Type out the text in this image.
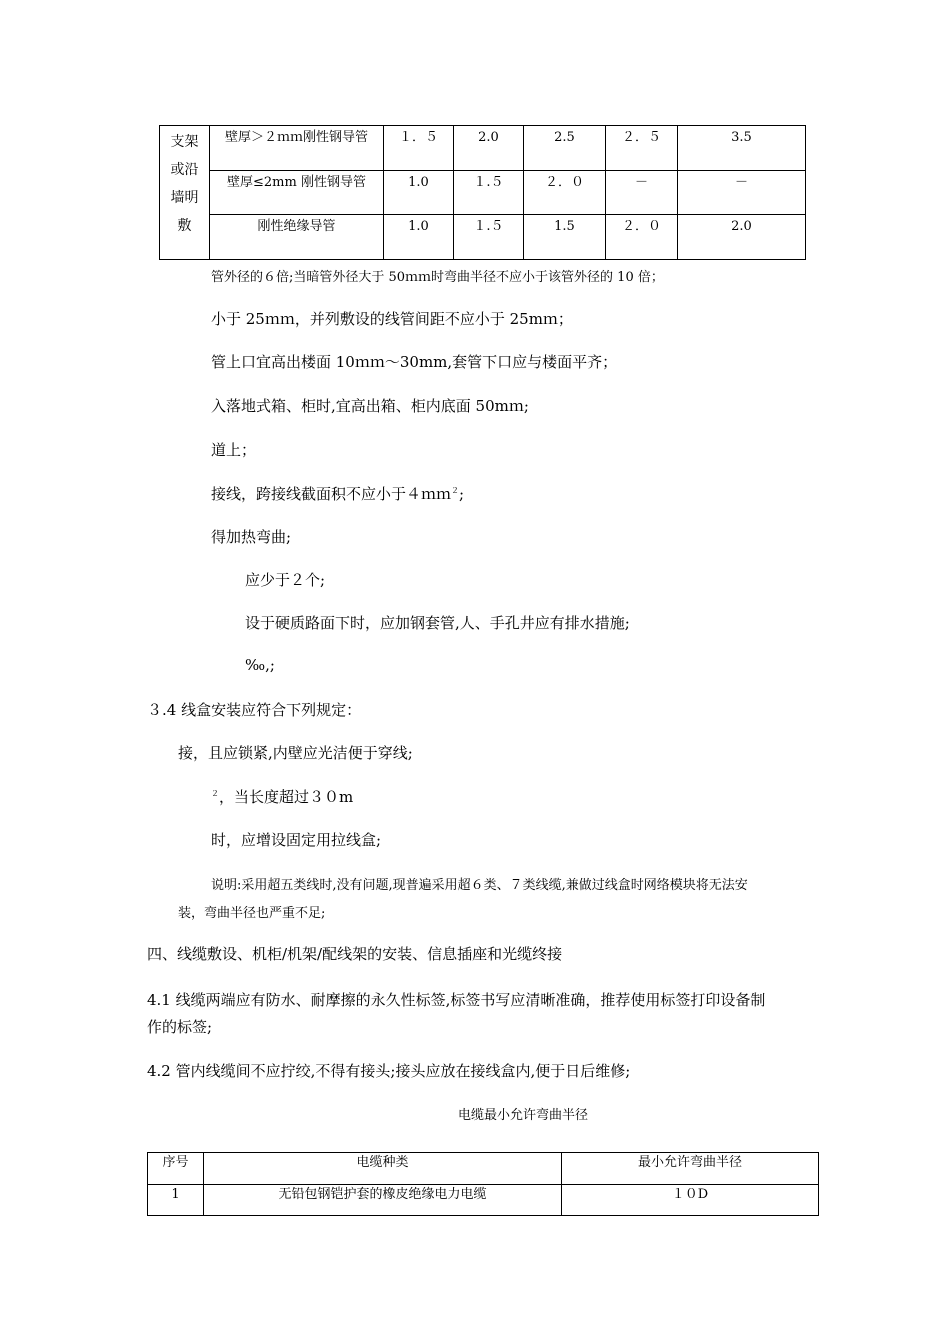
支架
或沿
墙明
敷	壁厚＞２ｍｍ刚性钢导管	１．５	2.0	2.5	２．５	3.5
	壁厚≤2mm 刚性钢导管	1.0	１.５	２．０	－	－
	刚性绝缘导管	1.0	１.５	1.5	２．０	2.0
管外径的６倍;当暗管外径大于 50ｍｍ时弯曲半径不应小于该管外径的 10 倍；
小于 25ｍｍ，并列敷设的线管间距不应小于 25mｍ；
管上口宜高出楼面 10ｍｍ～30mm,套管下口应与楼面平齐；
入落地式箱、柜时,宜高出箱、柜内底面 50mｍ;
道上；
接线，跨接线截面积不应小于４ｍｍ$^2$;
得加热弯曲;
应少于２个;
设于硬质路面下时，应加钢套管,人、手孔井应有排水措施;
‰,;
３.4 线盒安装应符合下列规定：
接，且应锁紧,内壁应光洁便于穿线;
$^2$，当长度超过３０m
时，应增设固定用拉线盒;
说明:采用超五类线时,没有问题,现普遍采用超６类、７类线缆,兼做过线盒时网络模块将无法安
装，弯曲半径也严重不足;
四、线缆敷设、机柜/机架/配线架的安装、信息插座和光缆终接
4.1 线缆两端应有防水、耐摩擦的永久性标签,标签书写应清晰准确，推荐使用标签打印设备制
作的标签;
4.2 管内线缆间不应拧绞,不得有接头;接头应放在接线盒内,便于日后维修;
电缆最小允许弯曲半径
序号	电缆种类	最小允许弯曲半径
1	无铅包钢铠护套的橡皮绝缘电力电缆	１０D
